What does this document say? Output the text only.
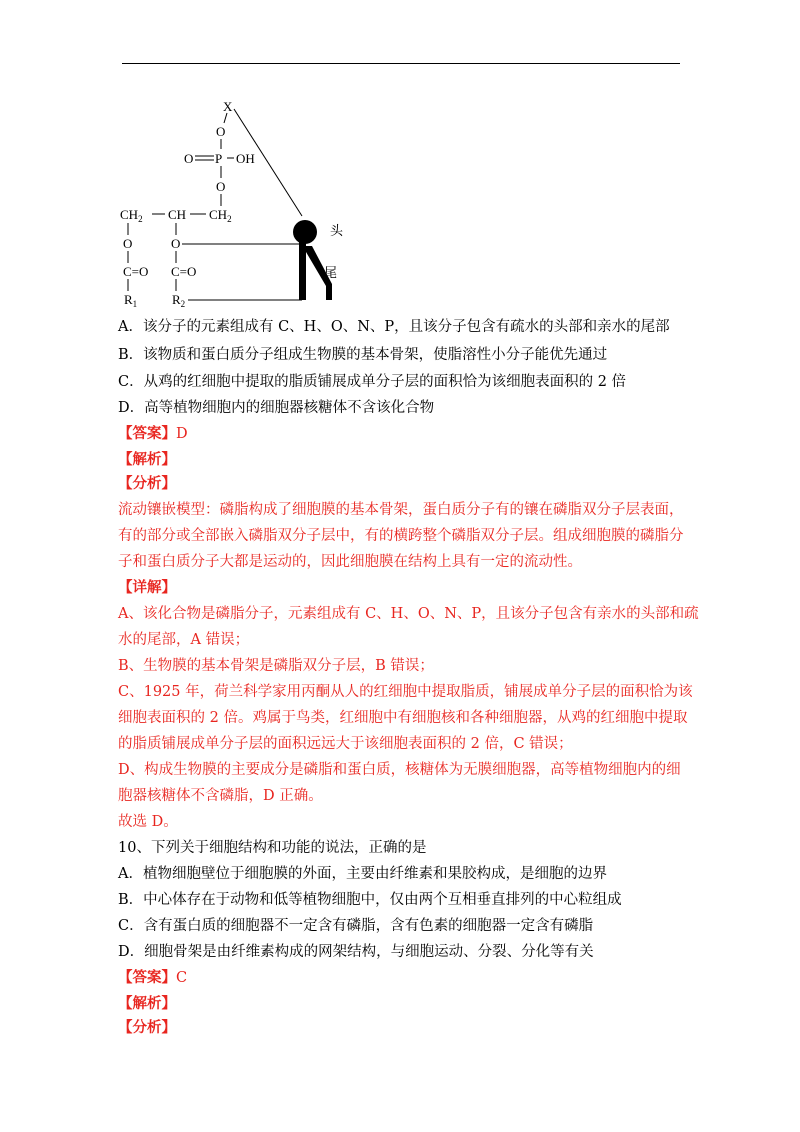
X
O
O P OH
O
$CH_2$ CH $CH_2$
O	O
C=O C=O
$R_1$	$R_2$
头
尾
A．该分子的元素组成有 C、H、O、N、P，且该分子包含有疏水的头部和亲水的尾部
B．该物质和蛋白质分子组成生物膜的基本骨架，使脂溶性小分子能优先通过
C．从鸡的红细胞中提取的脂质铺展成单分子层的面积恰为该细胞表面积的 2 倍
D．高等植物细胞内的细胞器核糖体不含该化合物
【答案】D
【解析】
【分析】
流动镶嵌模型：磷脂构成了细胞膜的基本骨架，蛋白质分子有的镶在磷脂双分子层表面，
有的部分或全部嵌入磷脂双分子层中，有的横跨整个磷脂双分子层。组成细胞膜的磷脂分
子和蛋白质分子大都是运动的，因此细胞膜在结构上具有一定的流动性。
【详解】
A、该化合物是磷脂分子，元素组成有 C、H、O、N、P，且该分子包含有亲水的头部和疏
水的尾部，A 错误；
B、生物膜的基本骨架是磷脂双分子层，B 错误；
C、1925 年，荷兰科学家用丙酮从人的红细胞中提取脂质，铺展成单分子层的面积恰为该
细胞表面积的 2 倍。鸡属于鸟类，红细胞中有细胞核和各种细胞器，从鸡的红细胞中提取
的脂质铺展成单分子层的面积远远大于该细胞表面积的 2 倍，C 错误；
D、构成生物膜的主要成分是磷脂和蛋白质，核糖体为无膜细胞器，高等植物细胞内的细
胞器核糖体不含磷脂，D 正确。
故选 D。
10、下列关于细胞结构和功能的说法，正确的是
A．植物细胞壁位于细胞膜的外面，主要由纤维素和果胶构成，是细胞的边界
B．中心体存在于动物和低等植物细胞中，仅由两个互相垂直排列的中心粒组成
C．含有蛋白质的细胞器不一定含有磷脂，含有色素的细胞器一定含有磷脂
D．细胞骨架是由纤维素构成的网架结构，与细胞运动、分裂、分化等有关
【答案】C
【解析】
【分析】
